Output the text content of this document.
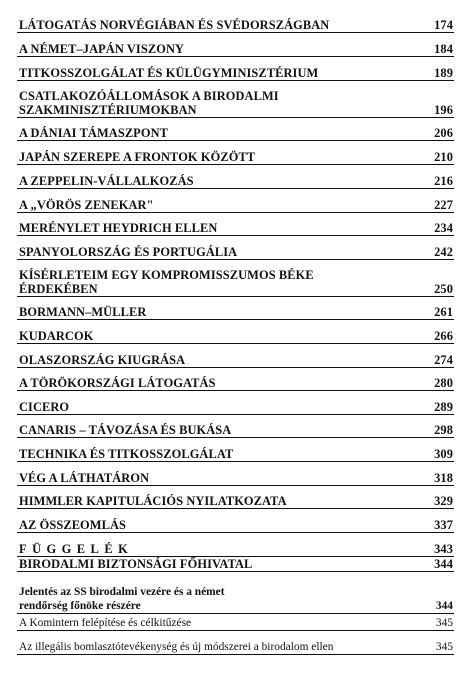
LÁTOGATÁS NORVÉGIÁBAN ÉS SVÉDORSZÁGBAN	174
A NÉMET–JAPÁN VISZONY	184
TITKOSSZOLGÁLAT ÉS KÜLÜGYMINISZTÉRIUM	189
CSATLAKOZÓÁLLOMÁSOK A BIRODALMI
SZAKMINISZTÉRIUMOKBAN	196
A DÁNIAI TÁMASZPONT	206
JAPÁN SZEREPE A FRONTOK KÖZÖTT	210
A ZEPPELIN-VÁLLALKOZÁS	216
A „VÖRÖS ZENEKAR"	227
MERÉNYLET HEYDRICH ELLEN	234
SPANYOLORSZÁG ÉS PORTUGÁLIA	242
KÍSÉRLETEIM EGY KOMPROMISSZUMOS BÉKE
ÉRDEKÉBEN	250
BORMANN–MÜLLER	261
KUDARCOK	266
OLASZORSZÁG KIUGRÁSA	274
A TÖRÖKORSZÁGI LÁTOGATÁS	280
CICERO	289
CANARIS – TÁVOZÁSA ÉS BUKÁSA	298
TECHNIKA ÉS TITKOSSZOLGÁLAT	309
VÉG A LÁTHATÁRON	318
HIMMLER KAPITULÁCIÓS NYILATKOZATA	329
AZ ÖSSZEOMLÁS	337
FÜGGELÉK	343
BIRODALMI BIZTONSÁGI FŐHIVATAL	344
Jelentés az SS birodalmi vezére és a német
rendőrség főnöke részére	344
A Komintern felépítése és célkitűzése	345
Az illegális bomlasztótevékenység és új módszerei a birodalom ellen	345
